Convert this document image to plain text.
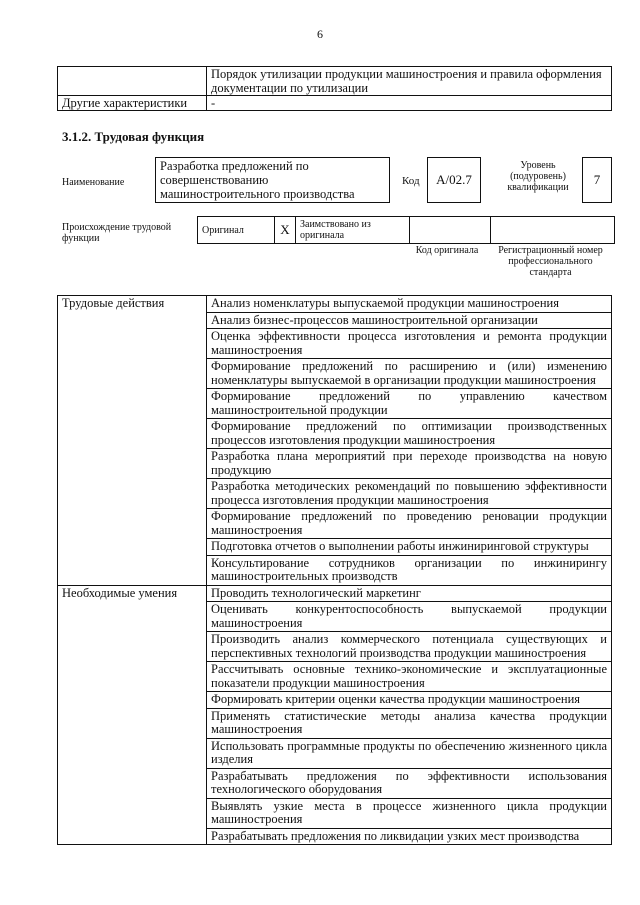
6
	Порядок утилизации продукции машиностроения и правила оформления документации по утилизации
Другие характеристики	-
3.1.2. Трудовая функция
Наименование
Разработка предложений по совершенствованию машиностроительного производства
Код	A/02.7
Уровень (подуровень) квалификации
7
Происхождение трудовой функции
Оригинал	X	Заимствовано из оригинала		
Код оригинала	Регистрационный номер профессионального стандарта
Трудовые действия	Анализ номенклатуры выпускаемой продукции машиностроения
	Анализ бизнес-процессов машиностроительной организации
	Оценка эффективности процесса изготовления и ремонта продукции машиностроения
	Формирование предложений по расширению и (или) изменению номенклатуры выпускаемой в организации продукции машиностроения
	Формирование предложений по управлению качеством машиностроительной продукции
	Формирование предложений по оптимизации производственных процессов изготовления продукции машиностроения
	Разработка плана мероприятий при переходе производства на новую продукцию
	Разработка методических рекомендаций по повышению эффективности процесса изготовления продукции машиностроения
	Формирование предложений по проведению реновации продукции машиностроения
	Подготовка отчетов о выполнении работы инжиниринговой структуры
	Консультирование сотрудников организации по инжинирингу машиностроительных производств
Необходимые умения	Проводить технологический маркетинг
	Оценивать конкурентоспособность выпускаемой продукции машиностроения
	Производить анализ коммерческого потенциала существующих и перспективных технологий производства продукции машиностроения
	Рассчитывать основные технико-экономические и эксплуатационные показатели продукции машиностроения
	Формировать критерии оценки качества продукции машиностроения
	Применять статистические методы анализа качества продукции машиностроения
	Использовать программные продукты по обеспечению жизненного цикла изделия
	Разрабатывать предложения по эффективности использования технологического оборудования
	Выявлять узкие места в процессе жизненного цикла продукции машиностроения
	Разрабатывать предложения по ликвидации узких мест производства
